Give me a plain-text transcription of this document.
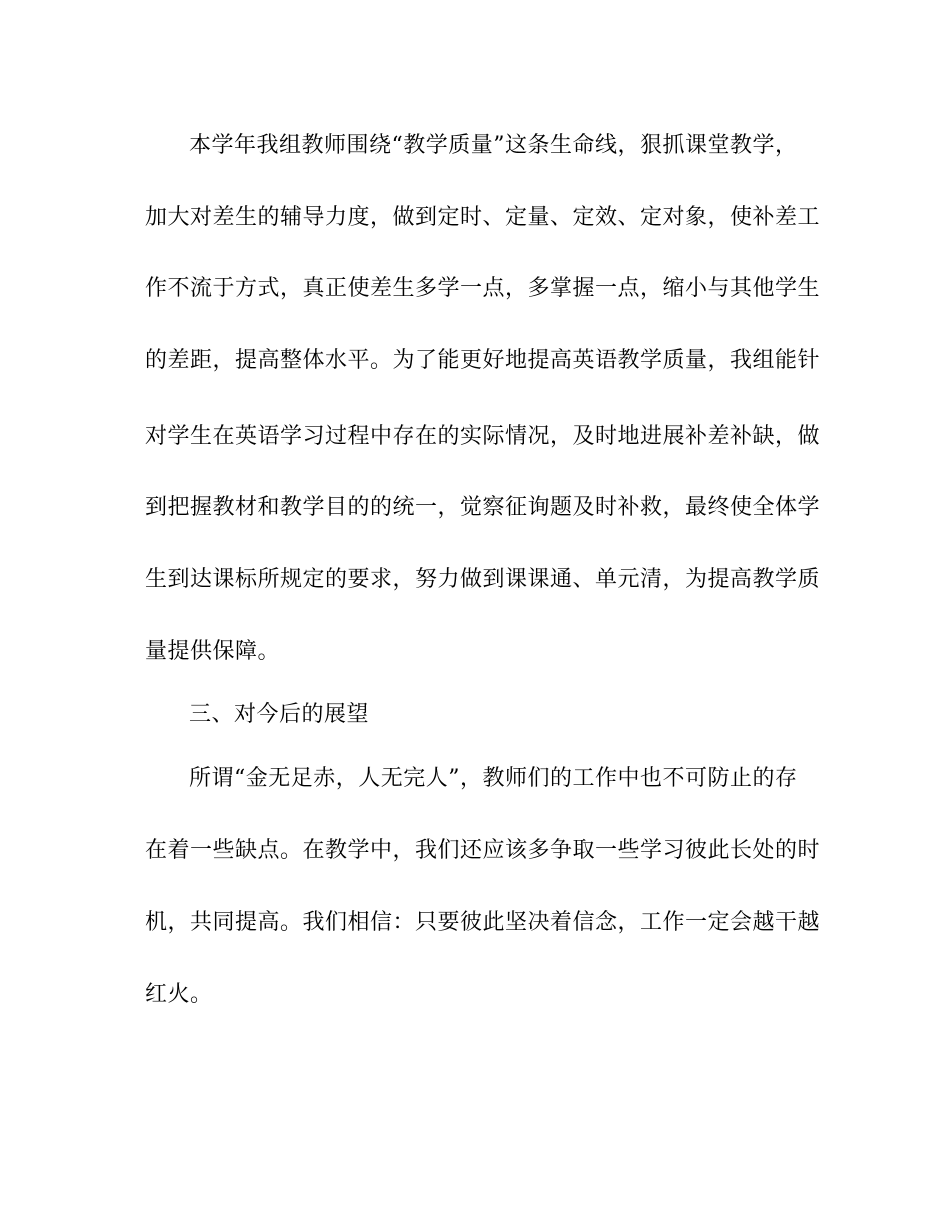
本学年我组教师围绕“教学质量”这条生命线，狠抓课堂教学，
加大对差生的辅导力度，做到定时、定量、定效、定对象，使补差工
作不流于方式，真正使差生多学一点，多掌握一点，缩小与其他学生
的差距，提高整体水平。为了能更好地提高英语教学质量，我组能针
对学生在英语学习过程中存在的实际情况，及时地进展补差补缺，做
到把握教材和教学目的的统一，觉察征询题及时补救，最终使全体学
生到达课标所规定的要求，努力做到课课通、单元清，为提高教学质
量提供保障。
三、对今后的展望
所谓“金无足赤，人无完人”，教师们的工作中也不可防止的存
在着一些缺点。在教学中，我们还应该多争取一些学习彼此长处的时
机，共同提高。我们相信：只要彼此坚决着信念，工作一定会越干越
红火。
